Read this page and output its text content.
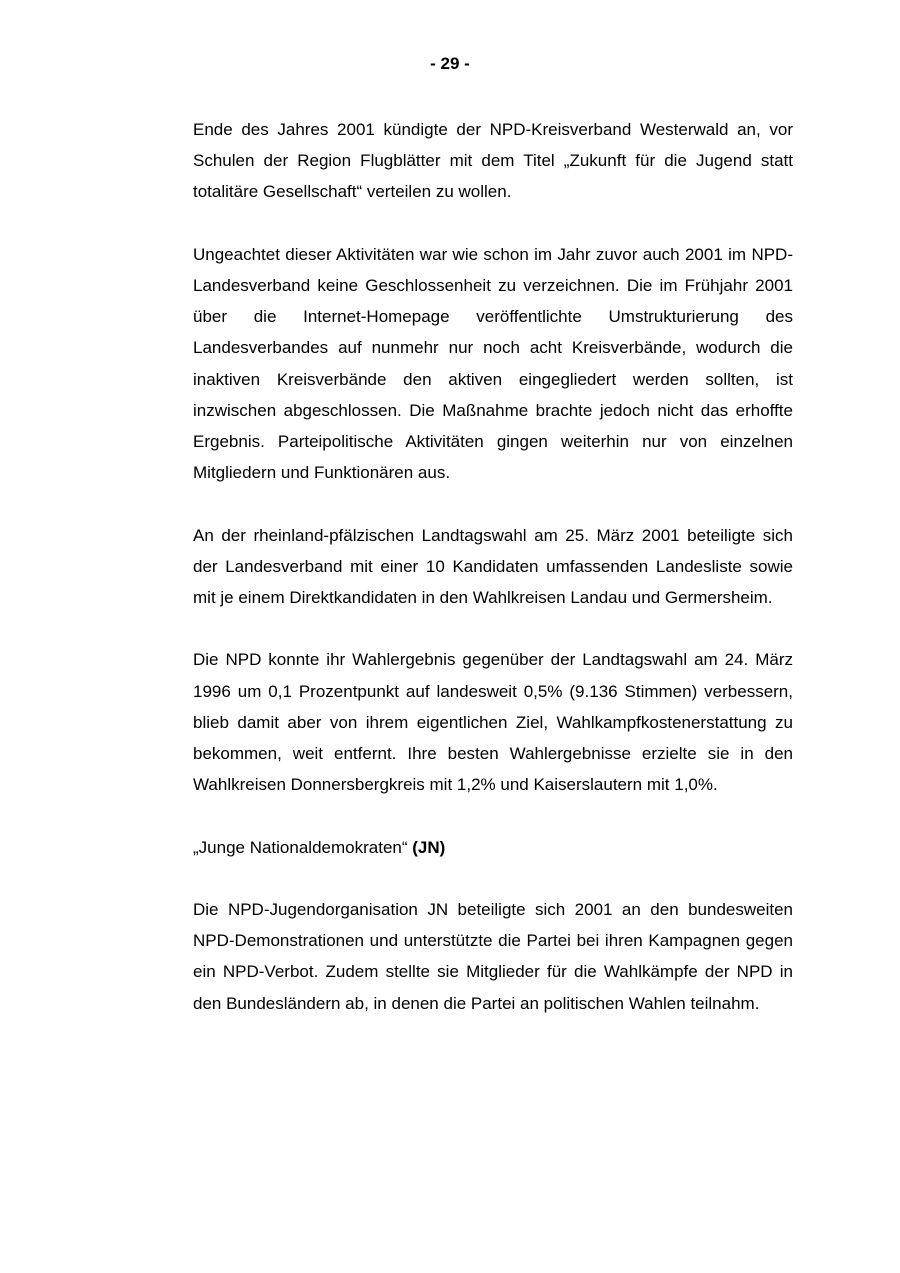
- 29 -

Ende des Jahres 2001 kündigte der NPD-Kreisverband Westerwald an, vor Schulen der Region Flugblätter mit dem Titel „Zukunft für die Jugend statt totalitäre Gesellschaft“ verteilen zu wollen.

Ungeachtet dieser Aktivitäten war wie schon im Jahr zuvor auch 2001 im NPD-Landesverband keine Geschlossenheit zu verzeichnen. Die im Frühjahr 2001 über die Internet-Homepage veröffentlichte Umstrukturierung des Landesverbandes auf nunmehr nur noch acht Kreisverbände, wodurch die inaktiven Kreisverbände den aktiven eingegliedert werden sollten, ist inzwischen abgeschlossen. Die Maßnahme brachte jedoch nicht das erhoffte Ergebnis. Parteipolitische Aktivitäten gingen weiterhin nur von einzelnen Mitgliedern und Funktionären aus.

An der rheinland-pfälzischen Landtagswahl am 25. März 2001 beteiligte sich der Landesverband mit einer 10 Kandidaten umfassenden Landesliste sowie mit je einem Direktkandidaten in den Wahlkreisen Landau und Germersheim.

Die NPD konnte ihr Wahlergebnis gegenüber der Landtagswahl am 24. März 1996 um 0,1 Prozentpunkt auf landesweit 0,5% (9.136 Stimmen) verbessern, blieb damit aber von ihrem eigentlichen Ziel, Wahlkampfkostenerstattung zu bekommen, weit entfernt. Ihre besten Wahlergebnisse erzielte sie in den Wahlkreisen Donnersbergkreis mit 1,2% und Kaiserslautern mit 1,0%.

„Junge Nationaldemokraten“ (JN)

Die NPD-Jugendorganisation JN beteiligte sich 2001 an den bundesweiten NPD-Demonstrationen und unterstützte die Partei bei ihren Kampagnen gegen ein NPD-Verbot. Zudem stellte sie Mitglieder für die Wahlkämpfe der NPD in den Bundesländern ab, in denen die Partei an politischen Wahlen teilnahm.
